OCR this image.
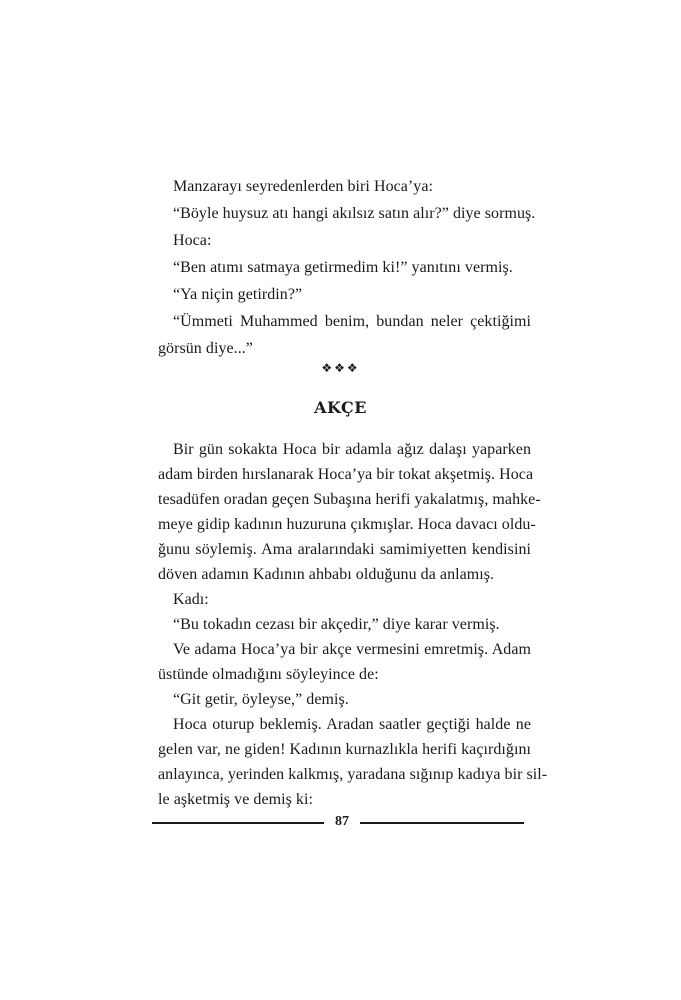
Manzarayı seyredenlerden biri Hoca’ya:
“Böyle huysuz atı hangi akılsız satın alır?” diye sormuş.
Hoca:
“Ben atımı satmaya getirmedim ki!” yanıtını vermiş.
“Ya niçin getirdin?”
“Ümmeti Muhammed benim, bundan neler çektiğimi
görsün diye...”
❖❖❖
AKÇE
Bir gün sokakta Hoca bir adamla ağız dalaşı yaparken
adam birden hırslanarak Hoca’ya bir tokat akşetmiş. Hoca
tesadüfen oradan geçen Subaşına herifi yakalatmış, mahke-
meye gidip kadının huzuruna çıkmışlar. Hoca davacı oldu-
ğunu söylemiş. Ama aralarındaki samimiyetten kendisini
döven adamın Kadının ahbabı olduğunu da anlamış.
Kadı:
“Bu tokadın cezası bir akçedir,” diye karar vermiş.
Ve adama Hoca’ya bir akçe vermesini emretmiş. Adam
üstünde olmadığını söyleyince de:
“Git getir, öyleyse,” demiş.
Hoca oturup beklemiş. Aradan saatler geçtiği halde ne
gelen var, ne giden! Kadının kurnazlıkla herifi kaçırdığını
anlayınca, yerinden kalkmış, yaradana sığınıp kadıya bir sil-
le aşketmiş ve demiş ki:
87
